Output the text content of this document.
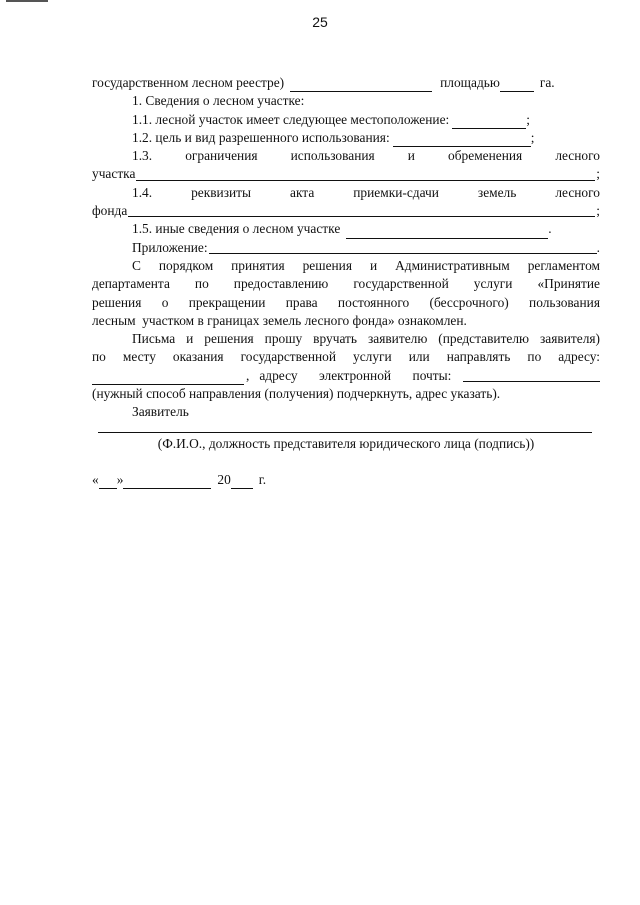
25
государственном лесном реестре)	площадью	га.
1. Сведения о лесном участке:
1.1. лесной участок имеет следующее местоположение:	;
1.2. цель и вид разрешенного использования:	;
1.3. ограничения использования и обременения лесного
участка	;
1.4.	реквизиты	акта	приемки-сдачи	земель	лесного
фонда	;
1.5. иные сведения о лесном участке	.
Приложение:	.
С порядком принятия решения и Административным регламентом
департамента по предоставлению государственной услуги «Принятие
решения о прекращении права постоянного (бессрочного) пользования
лесным  участком в границах земель лесного фонда» ознакомлен.
Письма и решения прошу вручать заявителю (представителю заявителя)
по месту оказания государственной услуги или направлять по адресу:
, адресу электронной почты:
(нужный способ направления (получения) подчеркнуть, адрес указать).
Заявитель
(Ф.И.О., должность представителя юридического лица (подпись))
« »	20 г.
